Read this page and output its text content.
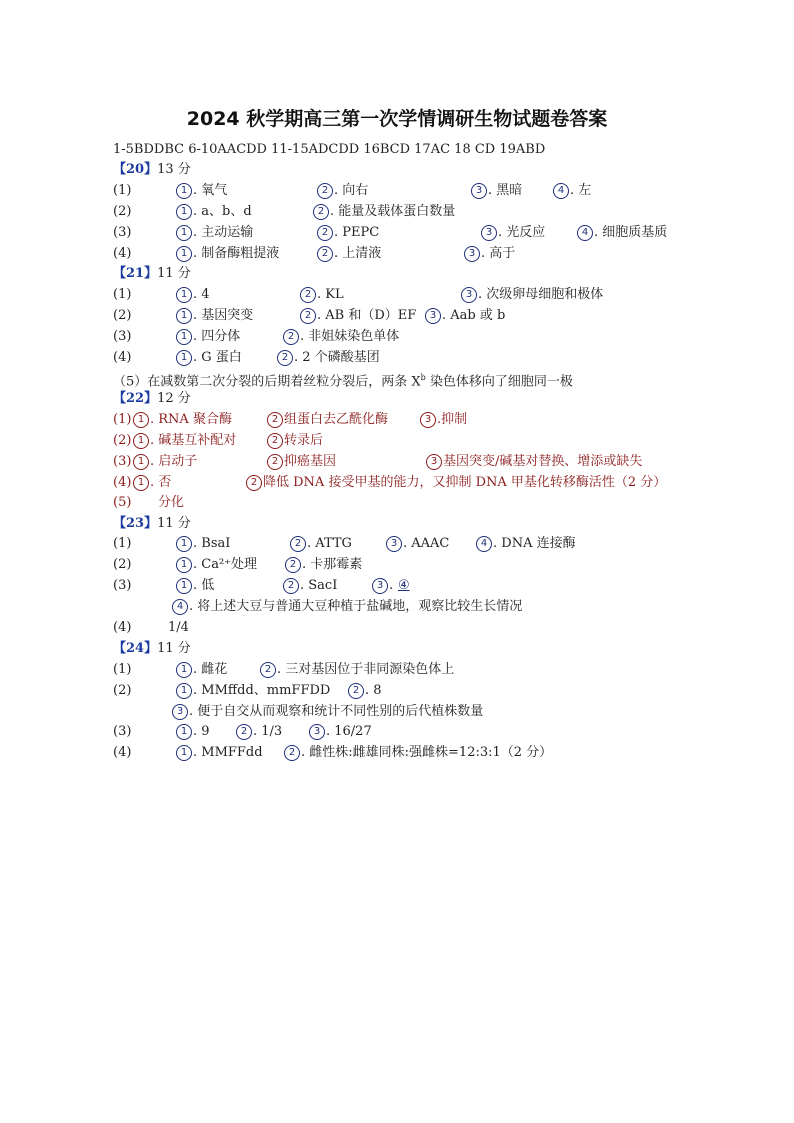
2024 秋学期高三第一次学情调研生物试题卷答案
1-5BDDBC 6-10AACDD 11-15ADCDD 16BCD 17AC 18 CD 19ABD
【20】13 分
(1)	1 . 氧气	2 . 向右	3 . 黑暗	4 . 左
(2)	1 . a、b、d	2 . 能量及载体蛋白数量
(3)	1 . 主动运输	2 . PEPC	3 . 光反应	4 . 细胞质基质
(4)	1 . 制备酶粗提液	2 . 上清液	3 . 高于
【21】11 分
(1)	1 . 4	2 . KL	3 . 次级卵母细胞和极体
(2)	1 . 基因突变	2 . AB 和（D）EF	3 . Aab 或 b
(3)	1 . 四分体	2 . 非姐妹染色单体
(4)	1 . G 蛋白	2 . 2 个磷酸基团
（5）在减数第二次分裂的后期着丝粒分裂后，两条 $X^b$ 染色体移向了细胞同一极
【22】12 分
(1) 1 . RNA 聚合酶	2 组蛋白去乙酰化酶	3 .抑制
(2) 1 . 碱基互补配对	2 转录后
(3) 1 . 启动子	2 抑癌基因	3 基因突变/碱基对替换、增添或缺失
(4) 1 . 否	2 降低 DNA 接受甲基的能力，又抑制 DNA 甲基化转移酶活性（2 分）
(5) 分化
【23】11 分
(1)	1 . BsaI	2 . ATTG	3 . AAAC	4 . DNA 连接酶
(2)	1 . Ca²⁺处理	2 . 卡那霉素
(3)	1 . 低	2 . SacI	3 . ④
4 . 将上述大豆与普通大豆种植于盐碱地，观察比较生长情况
(4)	1/4
【24】11 分
(1)	1 . 雌花	2 . 三对基因位于非同源染色体上
(2)	1 . MMffdd、mmFFDD	2 . 8
3 . 便于自交从而观察和统计不同性别的后代植株数量
(3)	1 . 9	2 . 1/3	3 . 16/27
(4)	1 . MMFFdd	2 . 雌性株:雌雄同株:强雌株=12:3:1（2 分）
